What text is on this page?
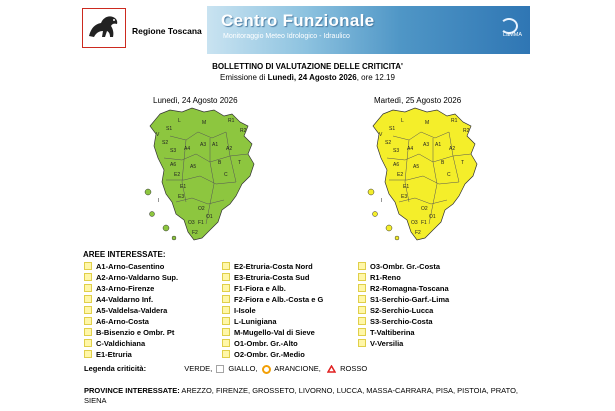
Regione Toscana
Centro Funzionale
Monitoraggio Meteo Idrologico - Idraulico	LaMMA
BOLLETTINO DI VALUTAZIONE DELLE CRITICITA'
Emissione di Lunedì, 24 Agosto 2026, ore 12.19
Lunedì, 24 Agosto 2026	Martedì, 25 Agosto 2026
S1
S2
S3
L	M
O1
O2
O3
A1
A2
A3
A4
A5
A6	B
C
E1
E2
E3
F1
F2
I
R1
R2
T
V
S1
S2
S3
L	M
O1
O2
O3
A1
A2
A3
A4
A5
A6	B
C
E1
E2
E3
F1
F2
I
R1
R2
T
V
AREE INTERESSATE:
A1-Arno-Casentino
A2-Arno-Valdarno Sup.
A3-Arno-Firenze
A4-Valdarno Inf.
A5-Valdelsa-Valdera
A6-Arno-Costa
B-Bisenzio e Ombr. Pt
C-Valdichiana
E1-Etruria
E2-Etruria-Costa Nord
E3-Etruria-Costa Sud
F1-Fiora e Alb.
F2-Fiora e Alb.-Costa e G
I-Isole
L-Lunigiana
M-Mugello-Val di Sieve
O1-Ombr. Gr.-Alto
O2-Ombr. Gr.-Medio
O3-Ombr. Gr.-Costa
R1-Reno
R2-Romagna-Toscana
S1-Serchio-Garf.-Lima
S2-Serchio-Lucca
S3-Serchio-Costa
T-Valtiberina
V-Versilia
Legenda criticità:	VERDE, GIALLO, ARANCIONE,	ROSSO
PROVINCE INTERESSATE: AREZZO, FIRENZE, GROSSETO, LIVORNO, LUCCA, MASSA-CARRARA, PISA, PISTOIA, PRATO, SIENA
